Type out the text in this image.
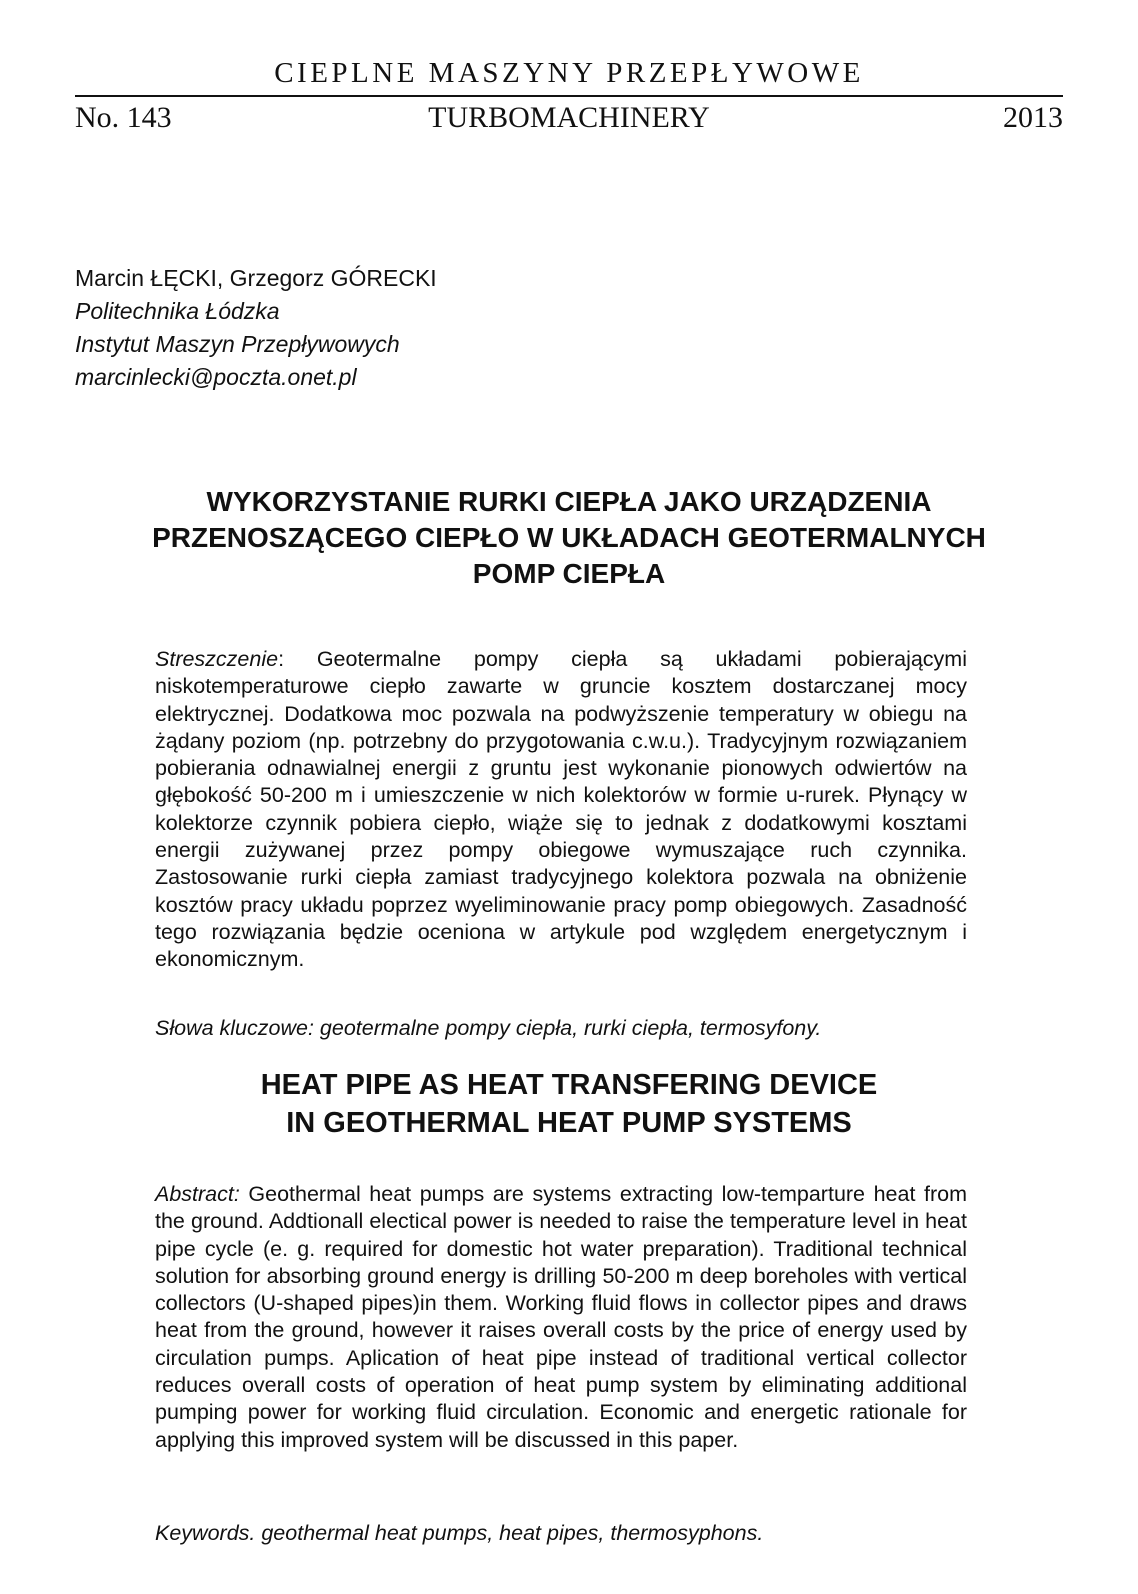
CIEPLNE MASZYNY PRZEPŁYWOWE
No. 143	TURBOMACHINERY	2013
Marcin ŁĘCKI, Grzegorz GÓRECKI
Politechnika Łódzka
Instytut Maszyn Przepływowych
marcinlecki@poczta.onet.pl
WYKORZYSTANIE RURKI CIEPŁA JAKO URZĄDZENIA
PRZENOSZĄCEGO CIEPŁO W UKŁADACH GEOTERMALNYCH
POMP CIEPŁA
Streszczenie: Geotermalne pompy ciepła są układami pobierającymi niskotemperaturowe ciepło zawarte w gruncie kosztem dostarczanej mocy elektrycznej. Dodatkowa moc pozwala na podwyższenie temperatury w obiegu na żądany poziom (np. potrzebny do przygotowania c.w.u.). Tradycyjnym rozwiązaniem pobierania odnawialnej energii z gruntu jest wykonanie pionowych odwiertów na głębokość 50-200 m i umieszczenie w nich kolektorów w formie u-rurek. Płynący w kolektorze czynnik pobiera ciepło, wiąże się to jednak z dodatkowymi kosztami energii zużywanej przez pompy obiegowe wymuszające ruch czynnika. Zastosowanie rurki ciepła zamiast tradycyjnego kolektora pozwala na obniżenie kosztów pracy układu poprzez wyeliminowanie pracy pomp obiegowych. Zasadność tego rozwiązania będzie oceniona w artykule pod względem energetycznym i ekonomicznym.
Słowa kluczowe: geotermalne pompy ciepła, rurki ciepła, termosyfony.
HEAT PIPE AS HEAT TRANSFERING DEVICE
IN GEOTHERMAL HEAT PUMP SYSTEMS
Abstract: Geothermal heat pumps are systems extracting low-temparture heat from the ground. Addtionall electical power is needed to raise the temperature level in heat pipe cycle (e. g. required for domestic hot water preparation). Traditional technical solution for absorbing ground energy is drilling 50-200 m deep boreholes with vertical collectors (U-shaped pipes)in them. Working fluid flows in collector pipes and draws heat from the ground, however it raises overall costs by the price of energy used by circulation pumps. Aplication of heat pipe instead of traditional vertical collector reduces overall costs of operation of heat pump system by eliminating additional pumping power for working fluid circulation. Economic and energetic rationale for applying this improved system will be discussed in this paper.
Keywords. geothermal heat pumps, heat pipes, thermosyphons.
